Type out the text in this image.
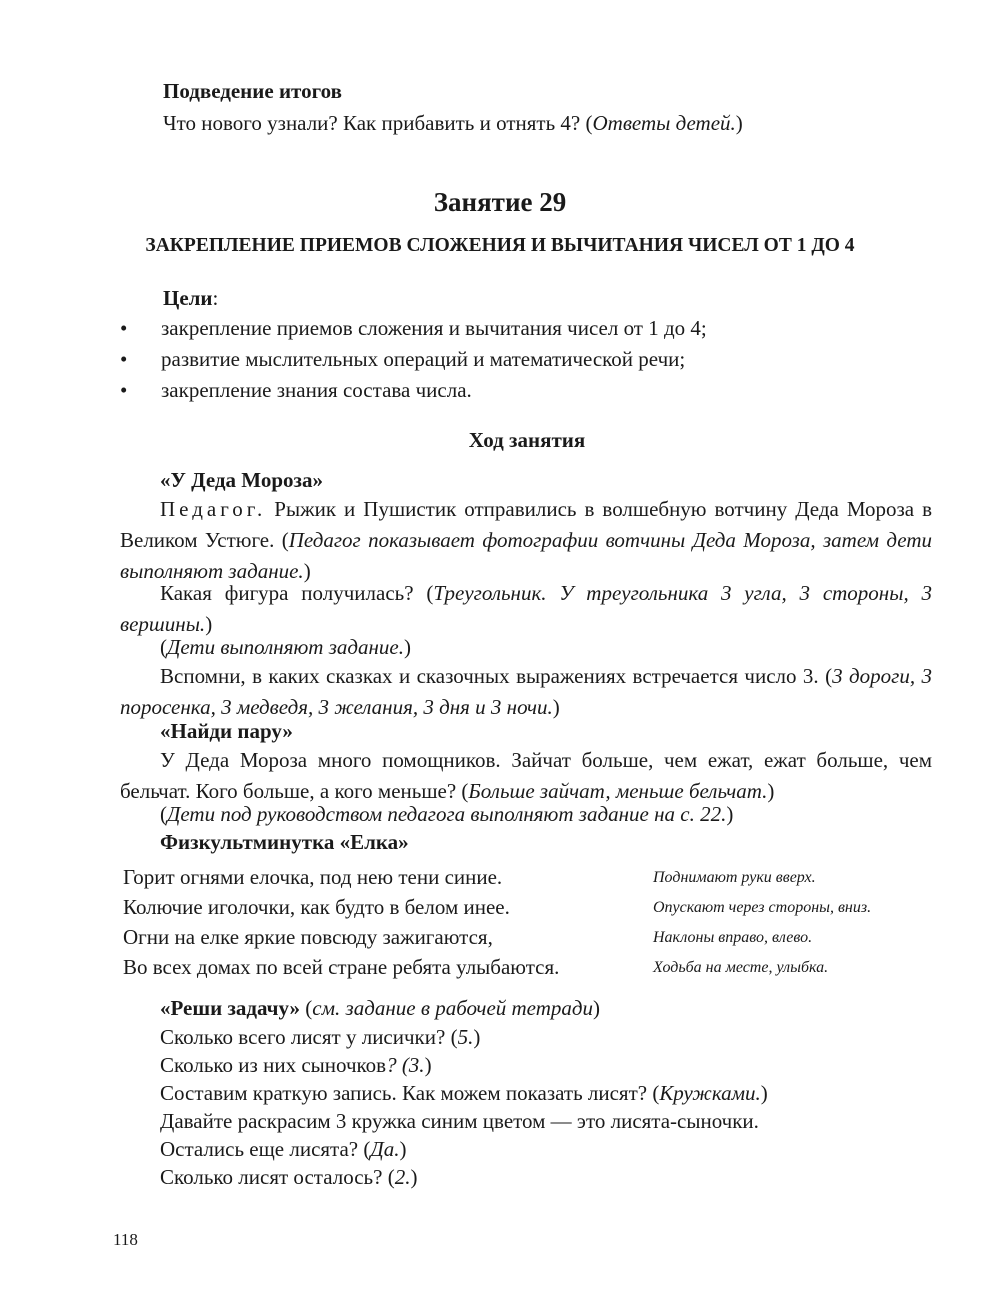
Подведение итогов
Что нового узнали? Как прибавить и отнять 4? (Ответы детей.)
Занятие 29
ЗАКРЕПЛЕНИЕ ПРИЕМОВ СЛОЖЕНИЯ И ВЫЧИТАНИЯ ЧИСЕЛ ОТ 1 ДО 4
Цели:
• закрепление приемов сложения и вычитания чисел от 1 до 4;
• развитие мыслительных операций и математической речи;
• закрепление знания состава числа.
Ход занятия
«У Деда Мороза»
Педагог. Рыжик и Пушистик отправились в волшебную вотчину Деда Мороза в Великом Устюге. (Педагог показывает фотографии вотчины Деда Мороза, затем дети выполняют задание.)
Какая фигура получилась? (Треугольник. У треугольника 3 угла, 3 стороны, 3 вершины.)
(Дети выполняют задание.)
Вспомни, в каких сказках и сказочных выражениях встречается число 3. (3 дороги, 3 поросенка, 3 медведя, 3 желания, 3 дня и 3 ночи.)
«Найди пару»
У Деда Мороза много помощников. Зайчат больше, чем ежат, ежат больше, чем бельчат. Кого больше, а кого меньше? (Больше зайчат, меньше бельчат.)
(Дети под руководством педагога выполняют задание на с. 22.)
Физкультминутка «Елка»
Горит огнями елочка, под нею тени синие.	Поднимают руки вверх.
Колючие иголочки, как будто в белом инее.	Опускают через стороны, вниз.
Огни на елке яркие повсюду зажигаются,	Наклоны вправо, влево.
Во всех домах по всей стране ребята улыбаются.	Ходьба на месте, улыбка.
«Реши задачу» (см. задание в рабочей тетради)
Сколько всего лисят у лисички? (5.)
Сколько из них сыночков? (3.)
Составим краткую запись. Как можем показать лисят? (Кружками.)
Давайте раскрасим 3 кружка синим цветом — это лисята-сыночки.
Остались еще лисята? (Да.)
Сколько лисят осталось? (2.)
118
